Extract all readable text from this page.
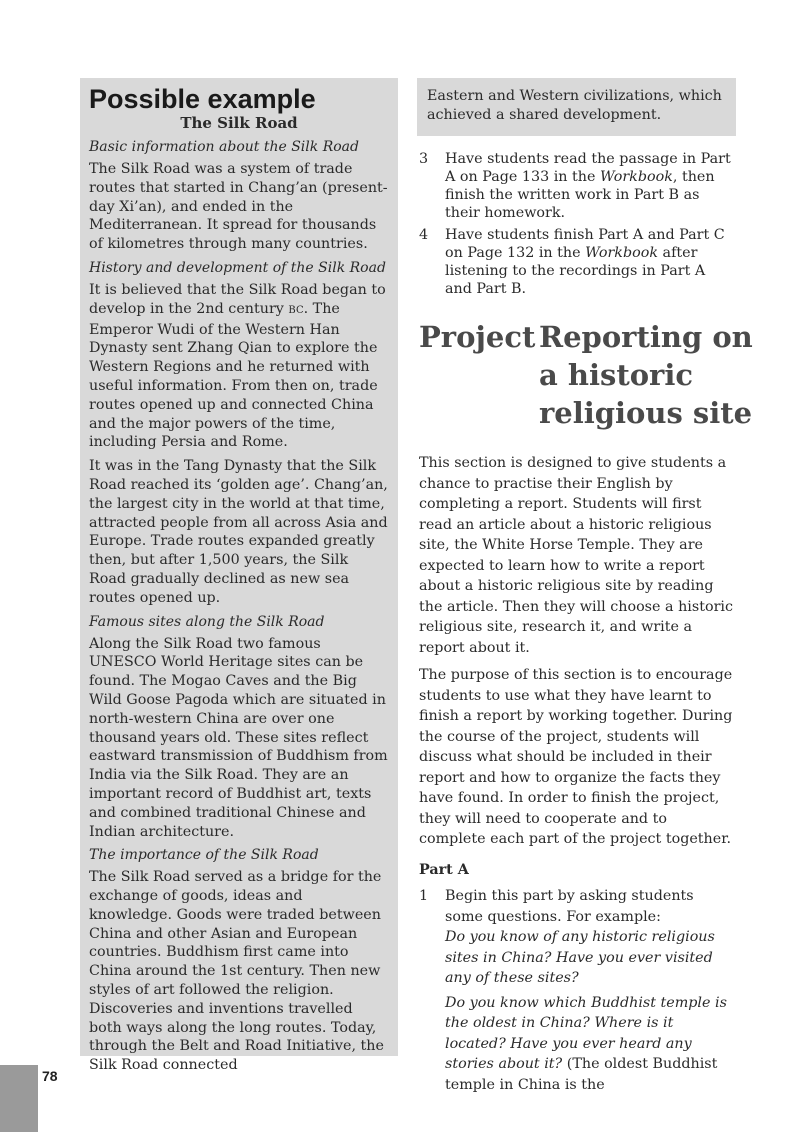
Possible example
The Silk Road
Basic information about the Silk Road

The Silk Road was a system of trade routes that started in Chang’an (present-day Xi’an), and ended in the Mediterranean. It spread for thousands of kilometres through many countries.

History and development of the Silk Road

It is believed that the Silk Road began to develop in the 2nd century BC. The Emperor Wudi of the Western Han Dynasty sent Zhang Qian to explore the Western Regions and he returned with useful information. From then on, trade routes opened up and connected China and the major powers of the time, including Persia and Rome.

It was in the Tang Dynasty that the Silk Road reached its ‘golden age’. Chang’an, the largest city in the world at that time, attracted people from all across Asia and Europe. Trade routes expanded greatly then, but after 1,500 years, the Silk Road gradually declined as new sea routes opened up.

Famous sites along the Silk Road

Along the Silk Road two famous UNESCO World Heritage sites can be found. The Mogao Caves and the Big Wild Goose Pagoda which are situated in north-western China are over one thousand years old. These sites reflect eastward transmission of Buddhism from India via the Silk Road. They are an important record of Buddhist art, texts and combined traditional Chinese and Indian architecture.

The importance of the Silk Road

The Silk Road served as a bridge for the exchange of goods, ideas and knowledge. Goods were traded between China and other Asian and European countries. Buddhism first came into China around the 1st century. Then new styles of art followed the religion. Discoveries and inventions travelled both ways along the long routes. Today, through the Belt and Road Initiative, the Silk Road connected

Eastern and Western civilizations, which achieved a shared development.
3	Have students read the passage in Part A on Page 133 in the Workbook, then finish the written work in Part B as their homework.
4	Have students finish Part A and Part C on Page 132 in the Workbook after listening to the recordings in Part A and Part B.
Project Reporting on a historic religious site

This section is designed to give students a chance to practise their English by completing a report. Students will first read an article about a historic religious site, the White Horse Temple. They are expected to learn how to write a report about a historic religious site by reading the article. Then they will choose a historic religious site, research it, and write a report about it.

The purpose of this section is to encourage students to use what they have learnt to finish a report by working together. During the course of the project, students will discuss what should be included in their report and how to organize the facts they have found. In order to finish the project, they will need to cooperate and to complete each part of the project together.

Part A
1	Begin this part by asking students some questions. For example:
Do you know of any historic religious sites in China? Have you ever visited any of these sites?
Do you know which Buddhist temple is the oldest in China? Where is it located? Have you ever heard any stories about it? (The oldest Buddhist temple in China is the
78
